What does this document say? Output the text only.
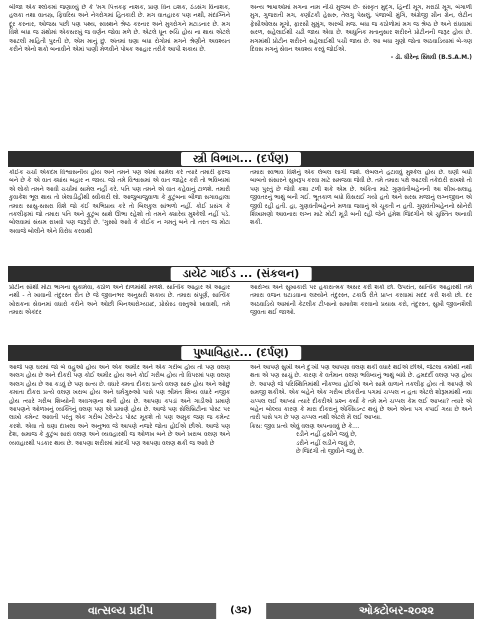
બીજા એક શ્લોકમાં જણાવ્યું છે કે 'મગ પિત્તકફ નાશક, પ્રાણ વિન ઇશક, ઠંડસંગ વિનાશક, હલકા તથા વાતસ્ત્ર, ફિવરિય અને નેત્રરોગમાં હિતકારી છે. મગ વાતહારક પણ નથી, મંદાગ્નિને દૂર કરનાર, ઓજસ પછી પણ પથ્ય, સ્વસ્થને શ્રેષ્ઠ કરનાર અને મુત્રરોગને મટાડનાર છે. મગ વિશે બધા જ ગ્રંથોમાં એકસરખું જ વર્ણન જોવા મળે છે. એટલે ધૂન રુચિ હોય ના થાય એટલે આટલી માહિતી પુરતી છે, એમ માનું છું. અંતમાં ઘણા બધા રોગોમાં મગને શ્રેણીને અવશ્યત કરીને એનો શકો બનાવીને એમાં પાણી મેળવીને પોષક આહાર તરીકે આપી શકાય છે.

અન્ય ભાષાઓમાં મગના નામ નીચે મુજબ છે- સંસ્કૃત મુદ્ગ, હિન્દી મૂગ, મરાઠી મૂગ, બંગાળી મુગ, ગુજરાતી મગ, કર્ણાટકી હેસરુ, તેલગુ પેસલું, પંજાબી મુંગિ, અંગ્રેજી ગ્રીન ગ્રેન, લેટીન ફેસીઓલસ મૂગો, ફારસી મુમુંગ, અરબી મજ. બધા જ કઠોળોમાં મગ જ શ્રેષ્ઠ છે અને રાંધવામાં સરળ, સહેલાઈથી ચઢી જાય એવા છે. આધુનિક મતાનુસાર શરીરને પ્રોટીનની જરૂર હોય છે. મગમાંથી પ્રોટીન શરીરને સહેલાઈથી પચી જાય છે. આ બધા ગુણો જોતા અઠવાડિયામાં બે-ત્રણ દિવસ મગનું સેવન અવશ્ય કરવું જોઈએ.

- ડૉ. ધીરેન્દ્ર સિંઘવી (B.S.A.M.)

સ્ત્રી વિભાગ... (દર્પણ)

કોઈક ચર્ચા એકદમ વિશ્વાસનીય હોય અને તમને પણ એમાં સામેલ કરે ત્યારે તમારી ફરજ બને છે કે એ વાત ક્યાંય બહાર ન જાય. જો તમે વિશ્વાસમાં એ વાત જાહેર કરી તો ભવિષ્યમાં એ લોકો તમને આવી ચર્ચામાં સામેલ નહીં કરે. પતિ પણ તમને એ વાત કહેવાનું ટાળશે. તમારી કુવાકેશ ભૂલ થાય તો ખેલાડીહીથી સ્વીકારી લો. આજુબાજુવાળા કે કુટુંબના બીજા સગાવહાલા તમારા સાસુ-સસરા વિશે જો કંઈ અભિપ્રાય કરે તો બિલકુલ સાંભળો નહીં. કોઈ પ્રસંગ કે તકલીફમાં જો તમારા પતિ અને કુટુંબ સાથે ઊભા રહેશો તો તમને ક્યારેય મુશ્કેલી નહીં પડે. બોલવામાં સંયમ રાખવો પણ જરૂરી છે. 'ગુસ્સો આવે કે કોઈક ન ગમતું બને તો તરત જ મોટા અવાજે બોલીને એને વિરોધ કરવાથી

તમારા સ્વભાવ વિશેનું એક લેબલ લાગી જશે. લેબલને હટાવવું મુશ્કેલ હોય છે. ઘણી બધી બાબતો સંસારને સુખરૂપ કરવા માટે સમજવા જેવી છે. તમે તમારા પક્ષે આટલી તકેદારી રાખશો તો પણ પુરતું છે જેવી કશા ટળી શકે એમ છે. અંકિતા માટે ગુણવંતીબહેનની આ શીખ-સલાહ જીવતરનું ભાથું બની ગઈ. ભૂતકાળ બધો વિસરાઈ ગયો હતો અને સરસ મજાનું લગ્નજીવન એ જીવી રહી હતી. હા, ગુણવંતીબહેનને મળવા જવાનું એ ચૂકતી ન હતી. ગુણવંતીબહેનનો સોનેરી શિખામણો આવનારા લગ્ન માટે મોટી મૂડી બની રહી જેને હંમેશ જિંદગીને એ ચુસ્તિત અનાવી શકી.

ડાયેટ ગાઈડ ... (સંકલન)

પ્રોટીન સૌથી મોટા ભાગના સુકામેવા, કઠોળ અને દાળમાંથી મળશે. સાત્વિક આહાર એ આહાર નથી - તે ખાવાની તંદુરસ્ત રીત છે જે જીવનભર અનુસરી શકાય છે. તમારા સંપૂર્ણ, સાત્વિક ખોરાકના સેવનમાં વધારો કરીને અને ઓછી બિનઆરોગ્યપ્રદ, પ્રોસેસ્ડ વસ્તુઓ ખાવાથી, તમે તમારા એકંદર

આરોગ્ય અને સુખાકારી પર હકારાત્મક અસર કરી શકો છો. ઉપરાંત, સાત્વિક આહારથી તમે તમારા વજન ઘટાડવાના લક્ષ્યોને તંદુરસ્ત, ટકાઉ રીતે પ્રાપ્ત કરવામાં મદદ કરી શકો છો. દર અઠવાડિયે આમાંની કેટલીક ટીપ્સનો સમાવેશ કરવાનો પ્રયાસ કરો, તંદુરસ્ત, સુખી જીવનશૈલી જીવતા થઈ જાઓ.

પુષ્પાવિહાર... (દર્પણ)

આજે પણ ઘરમાં જો બે વહુઓ હોય અને એક અમીર અને એક ગરીબ હોય તો પણ વલણ અલગ હોય છે અને દીકરી પણ કોઈ અમીર હોય અને કોઈ ગરીબ હોય તો વિપરમાં પણ વલણ અલગ હોય છે આ કડવું છે પણ સત્ય છે. વધારે ક્મતા દીકરા પ્રત્યે વલણ સારું હોય અને ઓછું કમાતા દીકરા પ્રત્યે વલણ ખરાબ હોય અને ઘર્મગુરુઓ પાસે પણ શ્રીમંત શિષ્ય વધારે નજીક હોય ત્યારે ગરીબ શિષ્યોની અવગણના થતી હોય છે. આપણા કપડાં અને ગાડીઓ પ્રમાણે આપણને ઓળખનું વ્યક્તિનું વલણ પણ એ પ્રમાણે હોય છે. આજે પણ સેલિબ્રિટીના પોસ્ટ પર લાખો કમેન્ટ આવતી પરંતુ એક ગરીબ ટેલેન્ટેડ પોસ્ટ મૂકશે તો પણ અમુક જણ જ કમેન્ટ કરશે. એવા તો ઘણા દાખલા અને અનુભવ જે આપણે નજરે જોતા હોઈએ છીએ. આજે પણ દેશ, સમાજ કે કુટુંબ સારાં વલણ અને વ્યવહારથી જ ઓળખ બને છે અને ખરાબ વલણ અને વ્યવહારથી પડકાર થાય છે. આપણા શરીરમાં માંદગી પણ આપણા વલણ થકી જ આવે છે

અને આપણે સુખી અને દુઃખી પણ આપણા વલણ થકી વધારે થઈએ છીએ, જેટલા કર્મોથી નથી થતા એ પણ સાચું છે. કારણ કે વર્તમાન વલણ ભવિષ્યનું ભાથું બાંધે છે. હમદર્દી વલણ પણ હોય છે. આપણે જે પરિસ્થિતિમાંથી નીકળ્યા હોઈએ અને સામે વાળાને તકલીફ હોય તો આપણે એ સમજી શકીએ. એક બહેને એક ગરીબ છોકરીના પગમાં ચપ્પલ ન હતા એટલે શોરૂમમાંથી નવા ચપ્પલ લઈ આપ્યાં ત્યારે દીકરીએ પ્રશ્ન કર્યો કે તમે મને ચપ્પલ કેમ લઈ આપ્યા? ત્યારે એ બહેન બોલ્યા કારણ કે મારા દીકરાનું એક્સિડન્ટ થયું છે અને એના પગ કપાઈ ગયા છે અને તારી પાસે પગ છે પણ ચપ્પલ નથી એટલે મેં લઈ આપ્યા.

ક્રિસ: જીવ પ્રત્યે એવું વલણ અપનાવવું છે કે....

રડીને નહીં હસીને જવું છે,

ડરીને નહીં લડીને જવું છે,

છે જિંદગી તો જીવીને જવું છે.

વાત્સલ્ય પ્રદીપ	(૩૨)	ઓક્ટોબર-૨૦૨૨
